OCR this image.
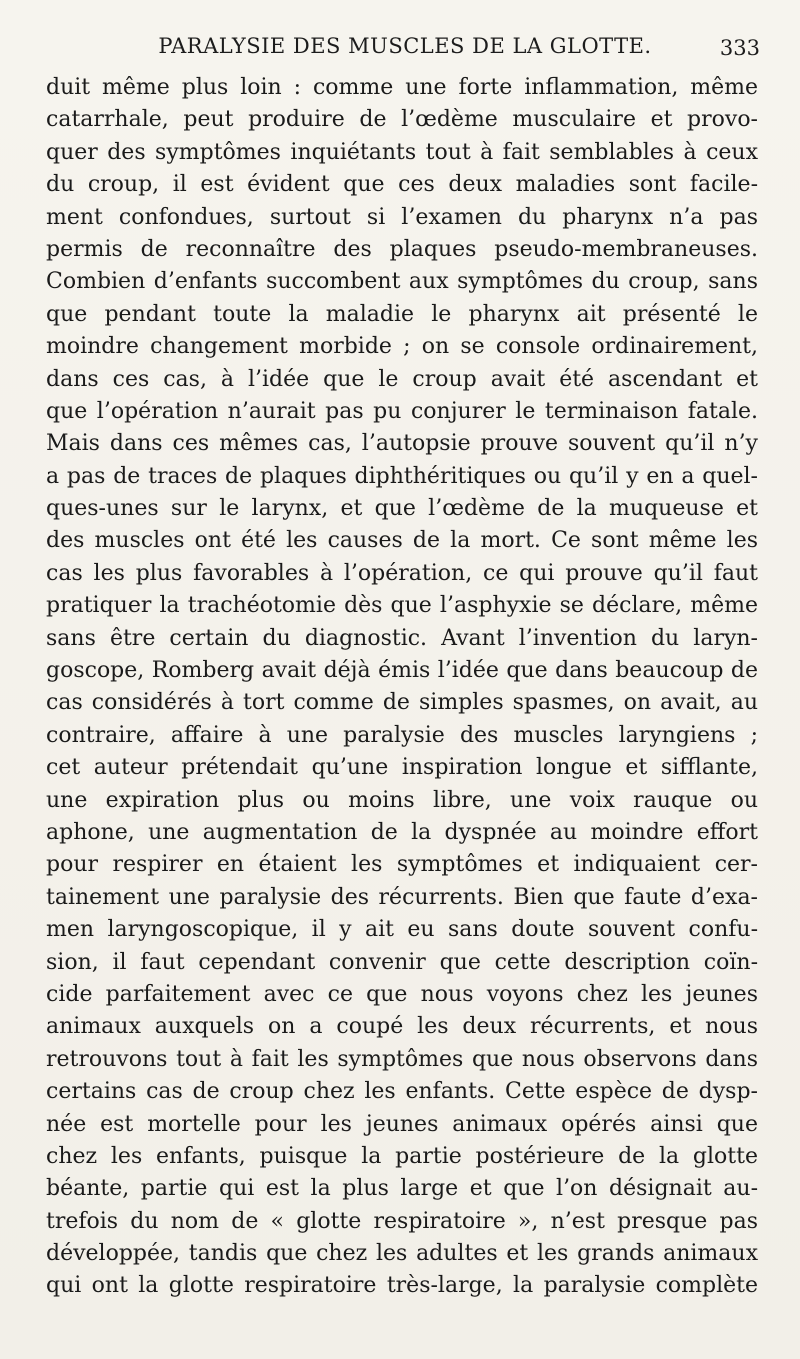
PARALYSIE DES MUSCLES DE LA GLOTTE.	333
duit même plus loin : comme une forte inflammation, même
catarrhale, peut produire de l’œdème musculaire et provo-
quer des symptômes inquiétants tout à fait semblables à ceux
du croup, il est évident que ces deux maladies sont facile-
ment confondues, surtout si l’examen du pharynx n’a pas
permis de reconnaître des plaques pseudo-membraneuses.
Combien d’enfants succombent aux symptômes du croup, sans
que pendant toute la maladie le pharynx ait présenté le
moindre changement morbide ; on se console ordinairement,
dans ces cas, à l’idée que le croup avait été ascendant et
que l’opération n’aurait pas pu conjurer le terminaison fatale.
Mais dans ces mêmes cas, l’autopsie prouve souvent qu’il n’y
a pas de traces de plaques diphthéritiques ou qu’il y en a quel-
ques-unes sur le larynx, et que l’œdème de la muqueuse et
des muscles ont été les causes de la mort. Ce sont même les
cas les plus favorables à l’opération, ce qui prouve qu’il faut
pratiquer la trachéotomie dès que l’asphyxie se déclare, même
sans être certain du diagnostic. Avant l’invention du laryn-
goscope, Romberg avait déjà émis l’idée que dans beaucoup de
cas considérés à tort comme de simples spasmes, on avait, au
contraire, affaire à une paralysie des muscles laryngiens ;
cet auteur prétendait qu’une inspiration longue et sifflante,
une expiration plus ou moins libre, une voix rauque ou
aphone, une augmentation de la dyspnée au moindre effort
pour respirer en étaient les symptômes et indiquaient cer-
tainement une paralysie des récurrents. Bien que faute d’exa-
men laryngoscopique, il y ait eu sans doute souvent confu-
sion, il faut cependant convenir que cette description coïn-
cide parfaitement avec ce que nous voyons chez les jeunes
animaux auxquels on a coupé les deux récurrents, et nous
retrouvons tout à fait les symptômes que nous observons dans
certains cas de croup chez les enfants. Cette espèce de dysp-
née est mortelle pour les jeunes animaux opérés ainsi que
chez les enfants, puisque la partie postérieure de la glotte
béante, partie qui est la plus large et que l’on désignait au-
trefois du nom de « glotte respiratoire », n’est presque pas
développée, tandis que chez les adultes et les grands animaux
qui ont la glotte respiratoire très-large, la paralysie complète
